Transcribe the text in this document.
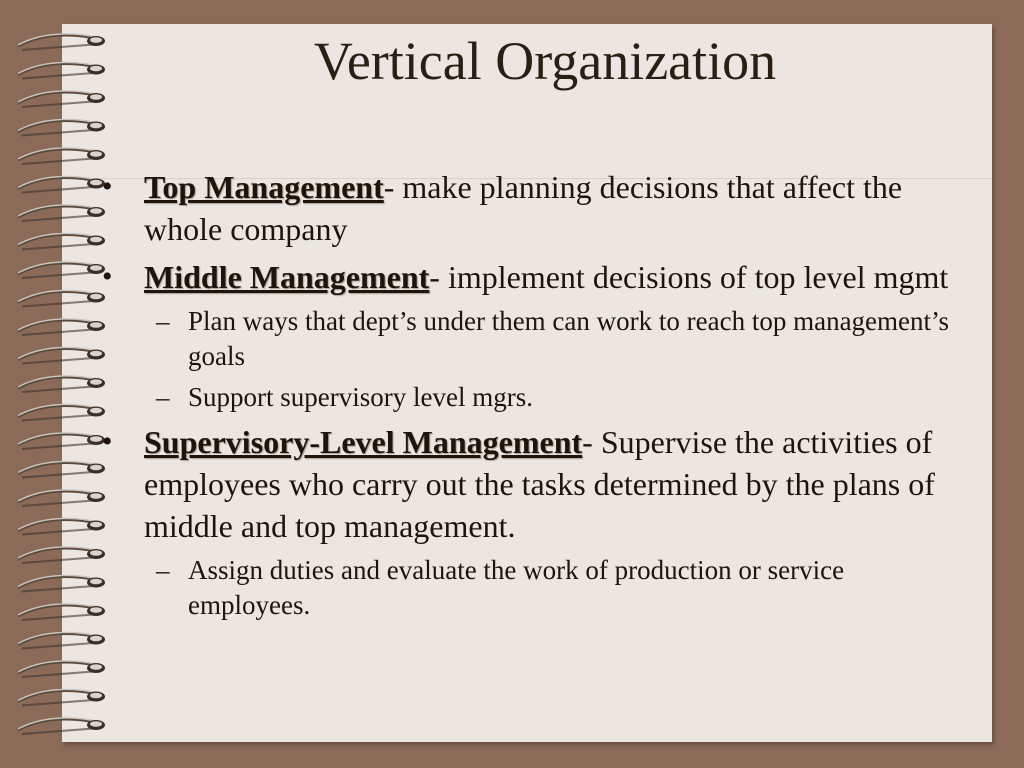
Vertical Organization
• Top Management- make planning decisions that affect the whole company
• Middle Management- implement decisions of top level mgmt
– Plan ways that dept’s under them can work to reach top management’s goals
– Support supervisory level mgrs.
• Supervisory-Level Management- Supervise the activities of employees who carry out the tasks determined by the plans of middle and top management.
– Assign duties and evaluate the work of production or service employees.
